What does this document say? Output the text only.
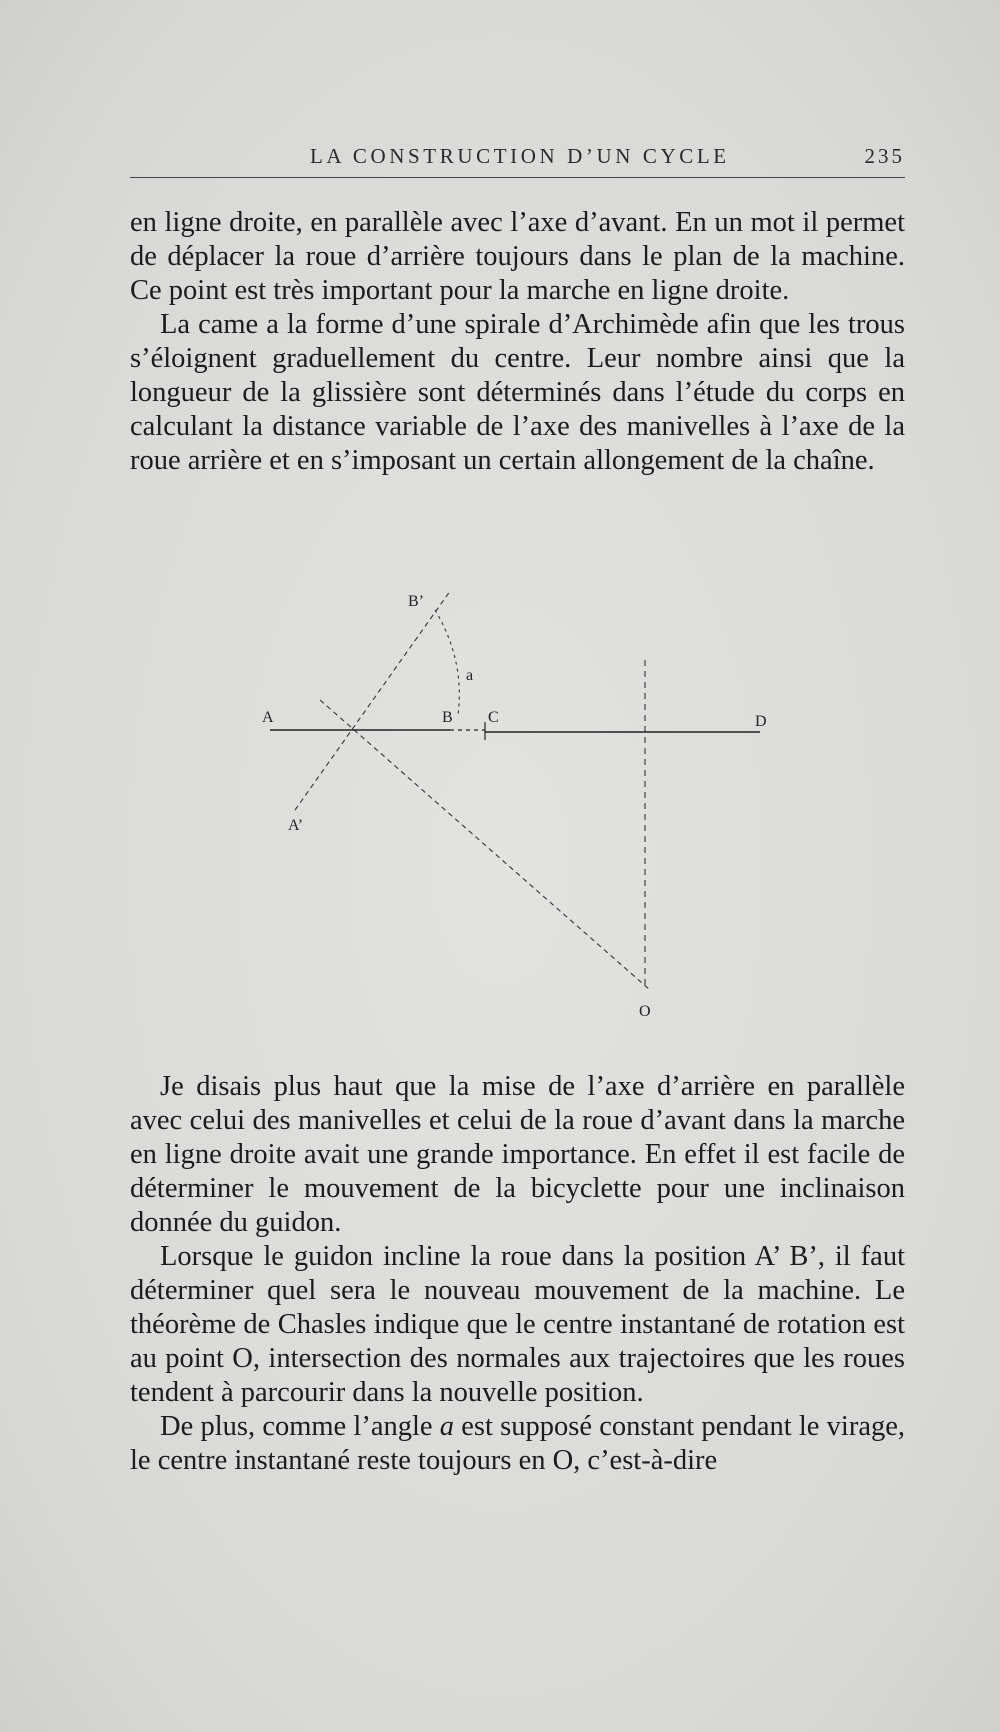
LA CONSTRUCTION D’UN CYCLE	235

en ligne droite, en parallèle avec l’axe d’avant. En un mot il permet de déplacer la roue d’arrière toujours dans le plan de la machine. Ce point est très important pour la marche en ligne droite.

La came a la forme d’une spirale d’Archimède afin que les trous s’éloignent graduellement du centre. Leur nombre ainsi que la longueur de la glissière sont déterminés dans l’étude du corps en calculant la distance variable de l’axe des manivelles à l’axe de la roue arrière et en s’imposant un certain allongement de la chaîne.

A	B C	D
A’
B’
a
O

Je disais plus haut que la mise de l’axe d’arrière en parallèle avec celui des manivelles et celui de la roue d’avant dans la marche en ligne droite avait une grande importance. En effet il est facile de déterminer le mouvement de la bicyclette pour une inclinaison donnée du guidon.

Lorsque le guidon incline la roue dans la position A’ B’, il faut déterminer quel sera le nouveau mouvement de la machine. Le théorème de Chasles indique que le centre instantané de rotation est au point O, intersection des normales aux trajectoires que les roues tendent à parcourir dans la nouvelle position.

De plus, comme l’angle a est supposé constant pendant le virage, le centre instantané reste toujours en O, c’est-à-dire
